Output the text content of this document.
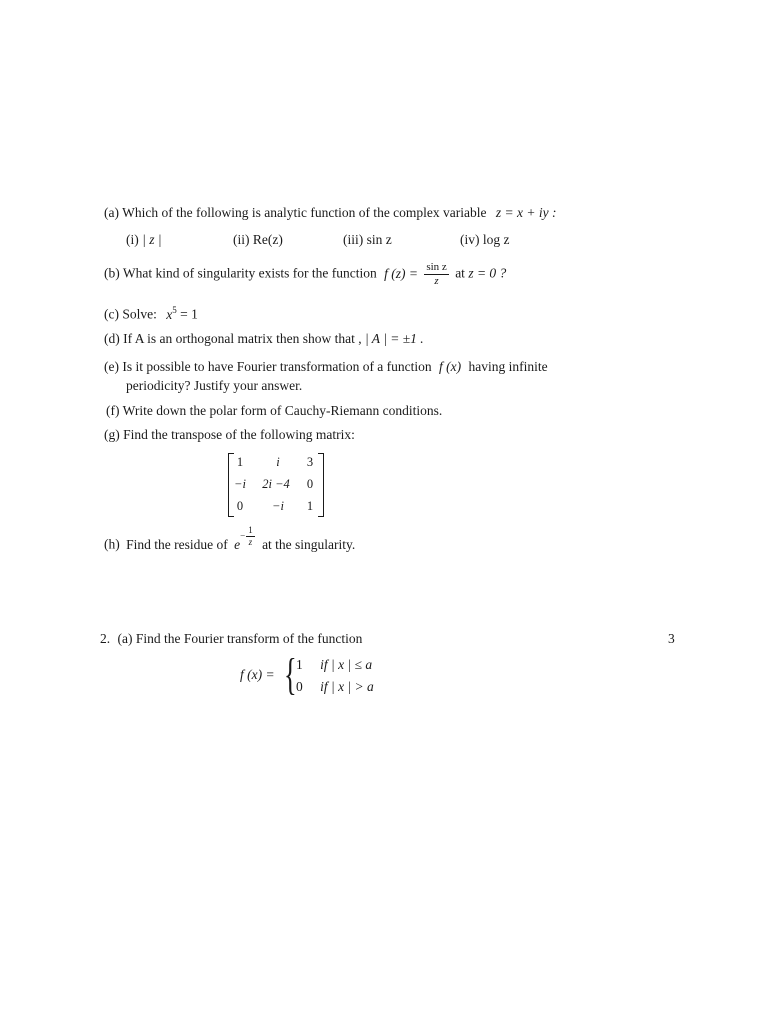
(a) Which of the following is analytic function of the complex variable z = x + iy :
(i) | z |	(ii) Re(z)	(iii) sin z	(iv) log z
(b) What kind of singularity exists for the function f $(z) = \frac{\text{sin z}}{z}$ at z = 0 ?
(c) Solve: $x^5 = 1$
(d) If A is an orthogonal matrix then show that , | A | = ±1 .
(e) Is it possible to have Fourier transformation of a function f (x) having infinite
periodicity? Justify your answer.
(f) Write down the polar form of Cauchy-Riemann conditions.
(g) Find the transpose of the following matrix:
1	i	3
−i	2i −4	0
0	−i	1
(h) Find the residue of $e- \frac{1}{z}$ at the singularity.
2. (a) Find the Fourier transform of the function	3
f (x) = { 1 if | x | ≤ a
0 if | x | > a
